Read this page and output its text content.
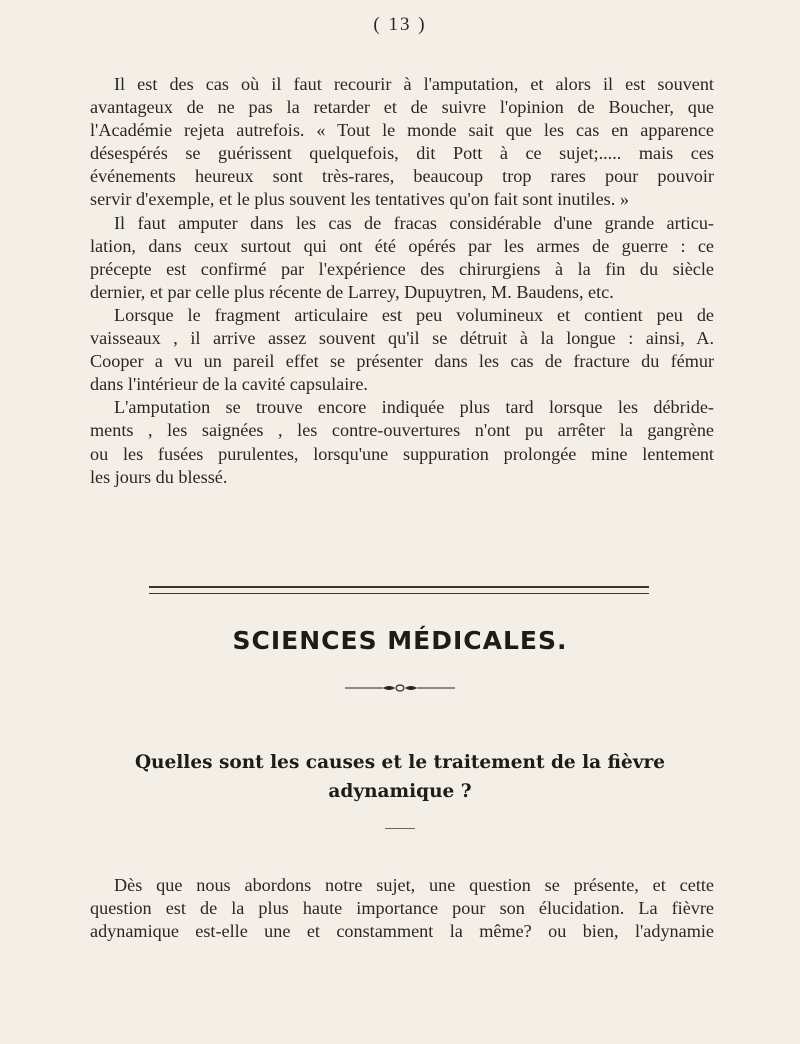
( 13 )
Il est des cas où il faut recourir à l'amputation, et alors il est souvent
avantageux de ne pas la retarder et de suivre l'opinion de Boucher, que
l'Académie rejeta autrefois. « Tout le monde sait que les cas en apparence
désespérés se guérissent quelquefois, dit Pott à ce sujet;..... mais ces
événements heureux sont très-rares, beaucoup trop rares pour pouvoir
servir d'exemple, et le plus souvent les tentatives qu'on fait sont inutiles. »
Il faut amputer dans les cas de fracas considérable d'une grande articu-
lation, dans ceux surtout qui ont été opérés par les armes de guerre : ce
précepte est confirmé par l'expérience des chirurgiens à la fin du siècle
dernier, et par celle plus récente de Larrey, Dupuytren, M. Baudens, etc.
Lorsque le fragment articulaire est peu volumineux et contient peu de
vaisseaux , il arrive assez souvent qu'il se détruit à la longue : ainsi, A.
Cooper a vu un pareil effet se présenter dans les cas de fracture du fémur
dans l'intérieur de la cavité capsulaire.
L'amputation se trouve encore indiquée plus tard lorsque les débride-
ments , les saignées , les contre-ouvertures n'ont pu arrêter la gangrène
ou les fusées purulentes, lorsqu'une suppuration prolongée mine lentement
les jours du blessé.
SCIENCES MÉDICALES.
Quelles sont les causes et le traitement de la fièvre
adynamique ?
Dès que nous abordons notre sujet, une question se présente, et cette
question est de la plus haute importance pour son élucidation. La fièvre
adynamique est-elle une et constamment la même? ou bien, l'adynamie
